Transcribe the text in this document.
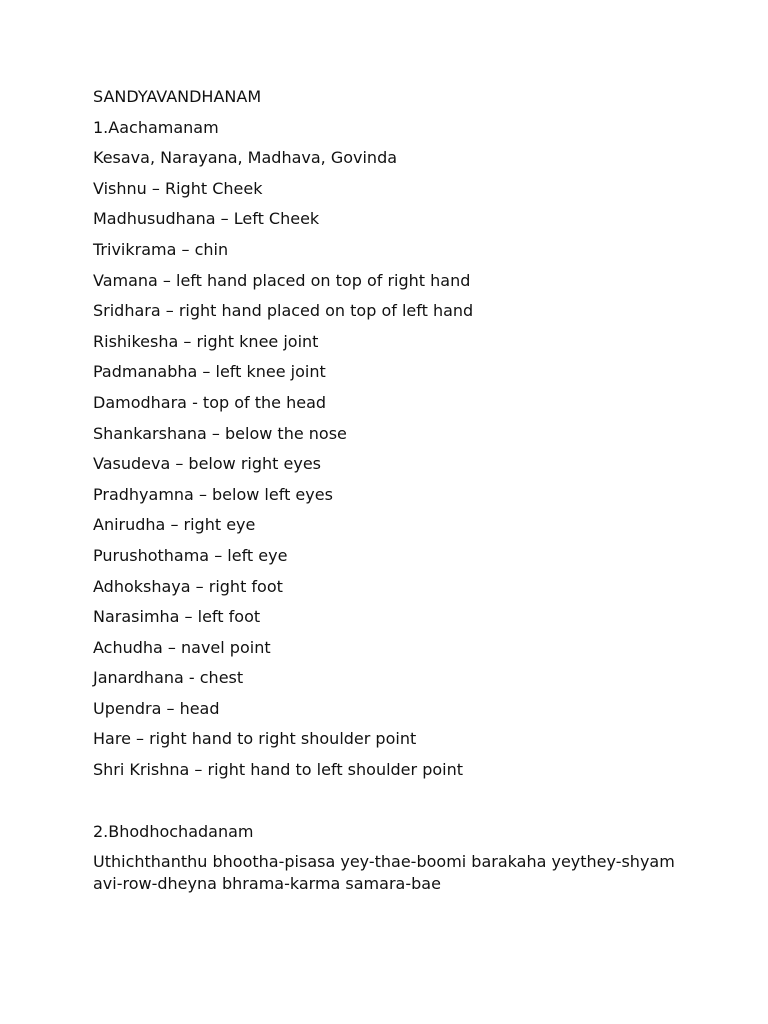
SANDYAVANDHANAM
1.Aachamanam
Kesava, Narayana, Madhava, Govinda
Vishnu – Right Cheek
Madhusudhana – Left Cheek
Trivikrama – chin
Vamana – left hand placed on top of right hand
Sridhara – right hand placed on top of left hand
Rishikesha – right knee joint
Padmanabha – left knee joint
Damodhara - top of the head
Shankarshana – below the nose
Vasudeva – below right eyes
Pradhyamna – below left eyes
Anirudha – right eye
Purushothama – left eye
Adhokshaya – right foot
Narasimha – left foot
Achudha – navel point
Janardhana - chest
Upendra – head
Hare – right hand to right shoulder point
Shri Krishna – right hand to left shoulder point
2.Bhodhochadanam
Uthichthanthu bhootha-pisasa yey-thae-boomi barakaha yeythey-shyam
avi-row-dheyna bhrama-karma samara-bae
